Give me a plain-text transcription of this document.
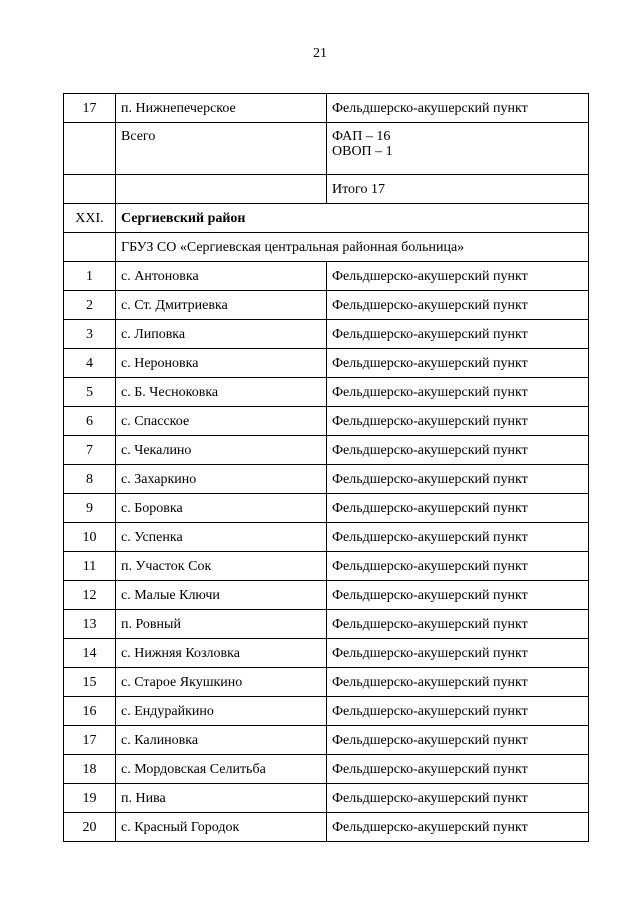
21
17	п. Нижнепечерское	Фельдшерско-акушерский пункт
	Всего	ФАП – 16
ОВОП – 1

		Итого 17
XXI.	Сергиевский район	
	ГБУЗ СО «Сергиевская центральная районная больница»	
1	с. Антоновка	Фельдшерско-акушерский пункт
2	с. Ст. Дмитриевка	Фельдшерско-акушерский пункт
3	с. Липовка	Фельдшерско-акушерский пункт
4	с. Нероновка	Фельдшерско-акушерский пункт
5	с. Б. Чесноковка	Фельдшерско-акушерский пункт
6	с. Спасское	Фельдшерско-акушерский пункт
7	с. Чекалино	Фельдшерско-акушерский пункт
8	с. Захаркино	Фельдшерско-акушерский пункт
9	с. Боровка	Фельдшерско-акушерский пункт
10	с. Успенка	Фельдшерско-акушерский пункт
11	п. Участок Сок	Фельдшерско-акушерский пункт
12	с. Малые Ключи	Фельдшерско-акушерский пункт
13	п. Ровный	Фельдшерско-акушерский пункт
14	с. Нижняя Козловка	Фельдшерско-акушерский пункт
15	с. Старое Якушкино	Фельдшерско-акушерский пункт
16	с. Ендурайкино	Фельдшерско-акушерский пункт
17	с. Калиновка	Фельдшерско-акушерский пункт
18	с. Мордовская Селитьба	Фельдшерско-акушерский пункт
19	п. Нива	Фельдшерско-акушерский пункт
20	с. Красный Городок	Фельдшерско-акушерский пункт
